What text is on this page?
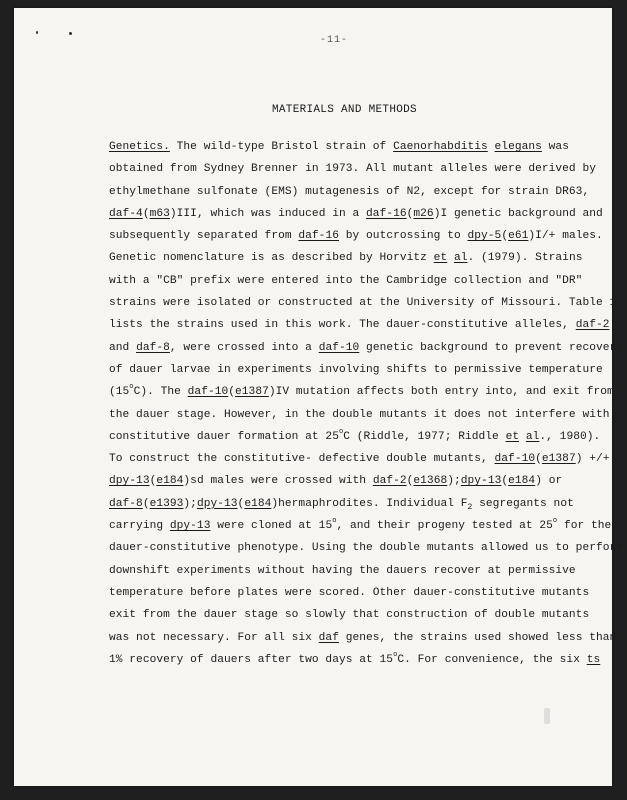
-11-
MATERIALS AND METHODS
Genetics. The wild-type Bristol strain of Caenorhabditis elegans was
obtained from Sydney Brenner in 1973. All mutant alleles were derived by
ethylmethane sulfonate (EMS) mutagenesis of N2, except for strain DR63,
daf-4(m63)III, which was induced in a daf-16(m26)I genetic background and
subsequently separated from daf-16 by outcrossing to dpy-5(e61)I/+ males.
Genetic nomenclature is as described by Horvitz et al. (1979). Strains
with a "CB" prefix were entered into the Cambridge collection and "DR"
strains were isolated or constructed at the University of Missouri. Table 1
lists the strains used in this work. The dauer-constitutive alleles, daf-2
and daf-8, were crossed into a daf-10 genetic background to prevent recovery
of dauer larvae in experiments involving shifts to permissive temperature
(15$^o$C). The daf-10(e1387)IV mutation affects both entry into, and exit from
the dauer stage. However, in the double mutants it does not interfere with
constitutive dauer formation at 25$^o$C (Riddle, 1977; Riddle et al., 1980).
To construct the constitutive- defective double mutants, daf-10(e1387) +/+
dpy-13(e184)sd males were crossed with daf-2(e1368);dpy-13(e184) or
daf-8(e1393);dpy-13(e184)hermaphrodites. Individual $F_2$ segregants not
carrying dpy-13 were cloned at 15$^o$, and their progeny tested at 25$^o$ for the
dauer-constitutive phenotype. Using the double mutants allowed us to perform
downshift experiments without having the dauers recover at permissive
temperature before plates were scored. Other dauer-constitutive mutants
exit from the dauer stage so slowly that construction of double mutants
was not necessary. For all six daf genes, the strains used showed less than
1% recovery of dauers after two days at 15$^o$C. For convenience, the six ts
